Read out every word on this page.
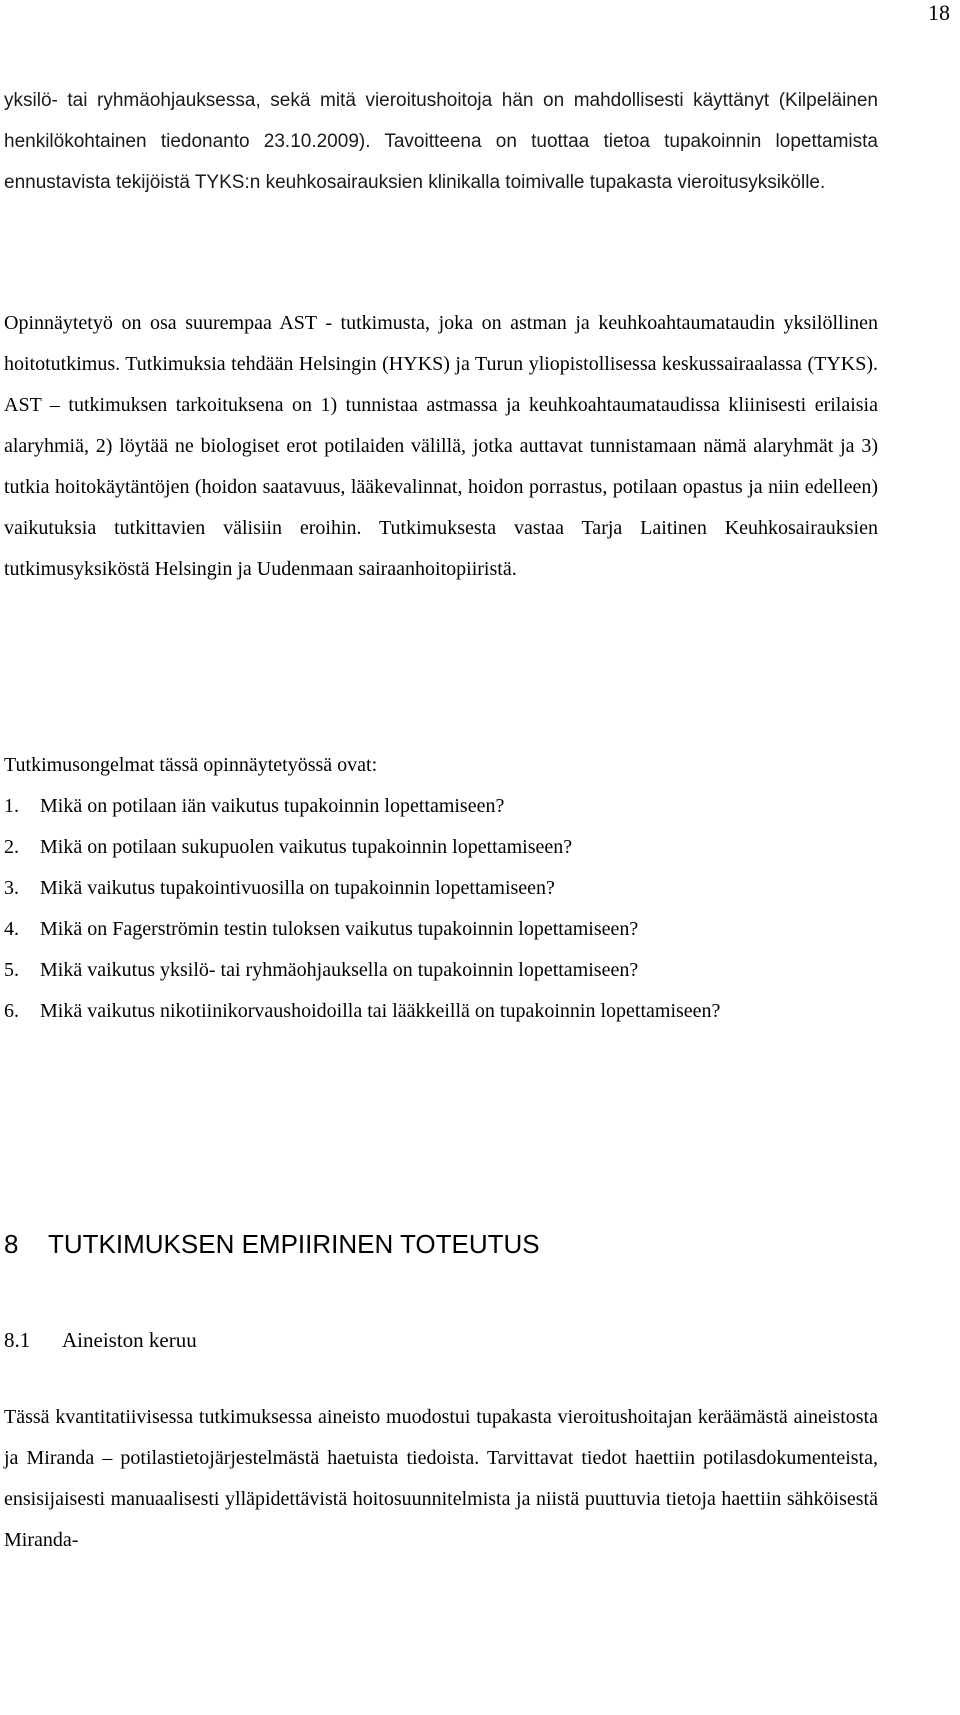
18

yksilö- tai ryhmäohjauksessa, sekä mitä vieroitushoitoja hän on mahdollisesti käyttänyt (Kilpeläinen henkilökohtainen tiedonanto 23.10.2009). Tavoitteena on tuottaa tietoa tupakoinnin lopettamista ennustavista tekijöistä TYKS:n keuhkosairauksien klinikalla toimivalle tupakasta vieroitusyksikölle.

Opinnäytetyö on osa suurempaa AST - tutkimusta, joka on astman ja keuhkoahtaumataudin yksilöllinen hoitotutkimus. Tutkimuksia tehdään Helsingin (HYKS) ja Turun yliopistollisessa keskussairaalassa (TYKS). AST – tutkimuksen tarkoituksena on 1) tunnistaa astmassa ja keuhkoahtaumataudissa kliinisesti erilaisia alaryhmiä, 2) löytää ne biologiset erot potilaiden välillä, jotka auttavat tunnistamaan nämä alaryhmät ja 3) tutkia hoitokäytäntöjen (hoidon saatavuus, lääkevalinnat, hoidon porrastus, potilaan opastus ja niin edelleen) vaikutuksia tutkittavien välisiin eroihin. Tutkimuksesta vastaa Tarja Laitinen Keuhkosairauksien tutkimusyksiköstä Helsingin ja Uudenmaan sairaanhoitopiiristä.

Tutkimusongelmat tässä opinnäytetyössä ovat:

1.	Mikä on potilaan iän vaikutus tupakoinnin lopettamiseen?
2.	Mikä on potilaan sukupuolen vaikutus tupakoinnin lopettamiseen?
3.	Mikä vaikutus tupakointivuosilla on tupakoinnin lopettamiseen?
4.	Mikä on Fagerströmin testin tuloksen vaikutus tupakoinnin lopettamiseen?
5.	Mikä vaikutus yksilö- tai ryhmäohjauksella on tupakoinnin lopettamiseen?
6.	Mikä vaikutus nikotiinikorvaushoidoilla tai lääkkeillä on tupakoinnin lopettamiseen?
8	TUTKIMUKSEN EMPIIRINEN TOTEUTUS
8.1	Aineiston keruu

Tässä kvantitatiivisessa tutkimuksessa aineisto muodostui tupakasta vieroitushoitajan keräämästä aineistosta ja Miranda – potilastietojärjestelmästä haetuista tiedoista. Tarvittavat tiedot haettiin potilasdokumenteista, ensisijaisesti manuaalisesti ylläpidettävistä hoitosuunnitelmista ja niistä puuttuvia tietoja haettiin sähköisestä Miranda-
